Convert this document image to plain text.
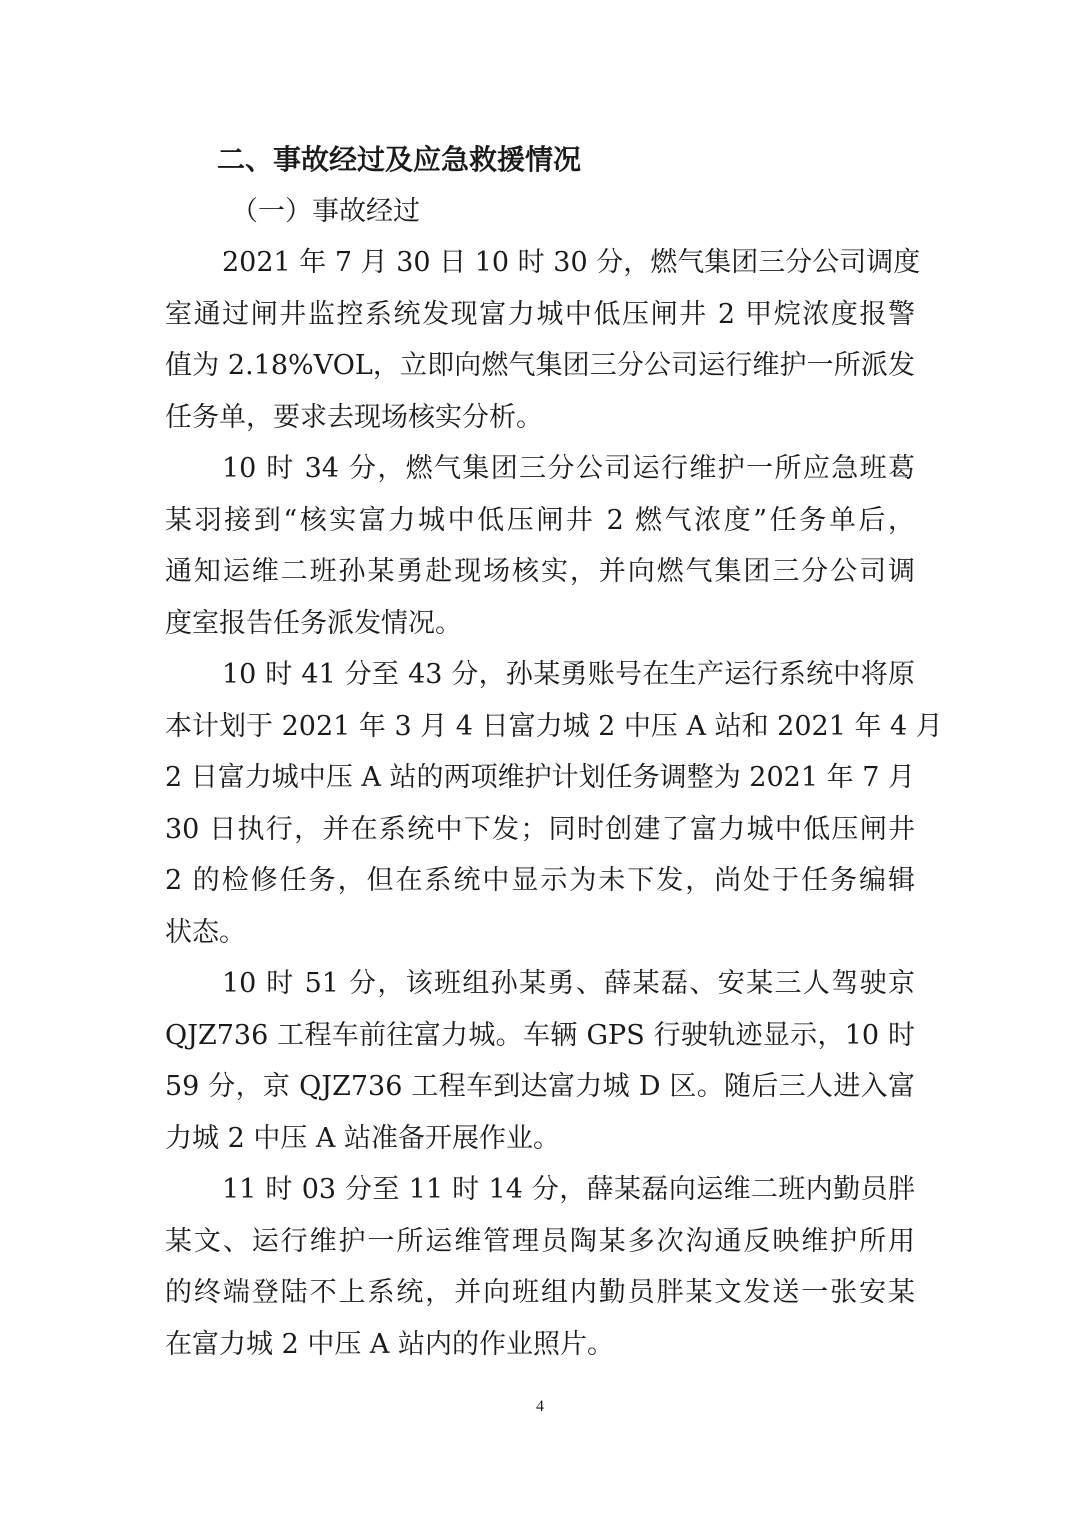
二、事故经过及应急救援情况
（一）事故经过
2021 年 7 月 30 日 10 时 30 分，燃气集团三分公司调度
室通过闸井监控系统发现富力城中低压闸井 2 甲烷浓度报警
值为 2.18%VOL，立即向燃气集团三分公司运行维护一所派发
任务单，要求去现场核实分析。
10 时 34 分，燃气集团三分公司运行维护一所应急班葛
某羽接到“核实富力城中低压闸井 2 燃气浓度”任务单后，
通知运维二班孙某勇赴现场核实，并向燃气集团三分公司调
度室报告任务派发情况。
10 时 41 分至 43 分，孙某勇账号在生产运行系统中将原
本计划于 2021 年 3 月 4 日富力城 2 中压 A 站和 2021 年 4 月
2 日富力城中压 A 站的两项维护计划任务调整为 2021 年 7 月
30 日执行，并在系统中下发；同时创建了富力城中低压闸井
2 的检修任务，但在系统中显示为未下发，尚处于任务编辑
状态。
10 时 51 分，该班组孙某勇、薛某磊、安某三人驾驶京
QJZ736 工程车前往富力城。车辆 GPS 行驶轨迹显示，10 时
59 分，京 QJZ736 工程车到达富力城 D 区。随后三人进入富
力城 2 中压 A 站准备开展作业。
11 时 03 分至 11 时 14 分，薛某磊向运维二班内勤员胖
某文、运行维护一所运维管理员陶某多次沟通反映维护所用
的终端登陆不上系统，并向班组内勤员胖某文发送一张安某
在富力城 2 中压 A 站内的作业照片。
4
